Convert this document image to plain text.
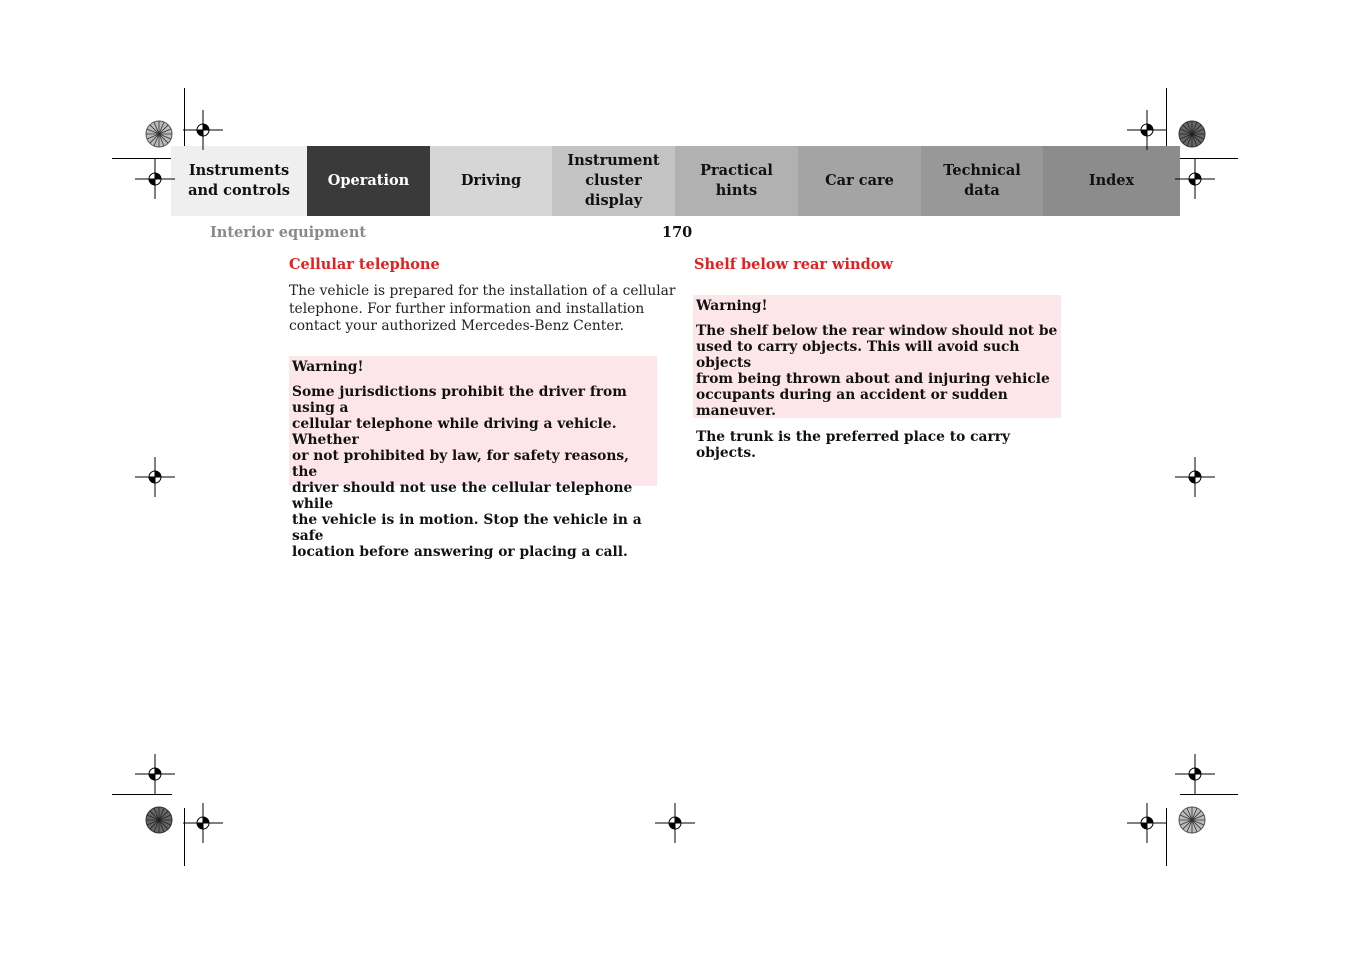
Instruments
and controls
Operation	Driving
Instrument
cluster display
Practical hints
Car care
Technical
data
Index
Interior equipment	170
Cellular telephone
The vehicle is prepared for the installation of a cellular
telephone. For further information and installation
contact your authorized Mercedes-Benz Center.
Warning!
Some jurisdictions prohibit the driver from using a
cellular telephone while driving a vehicle. Whether
or not prohibited by law, for safety reasons, the
driver should not use the cellular telephone while
the vehicle is in motion. Stop the vehicle in a safe
location before answering or placing a call.
Shelf below rear window
Warning!

The shelf below the rear window should not be
used to carry objects. This will avoid such objects
from being thrown about and injuring vehicle
occupants during an accident or sudden maneuver.

The trunk is the preferred place to carry objects.
